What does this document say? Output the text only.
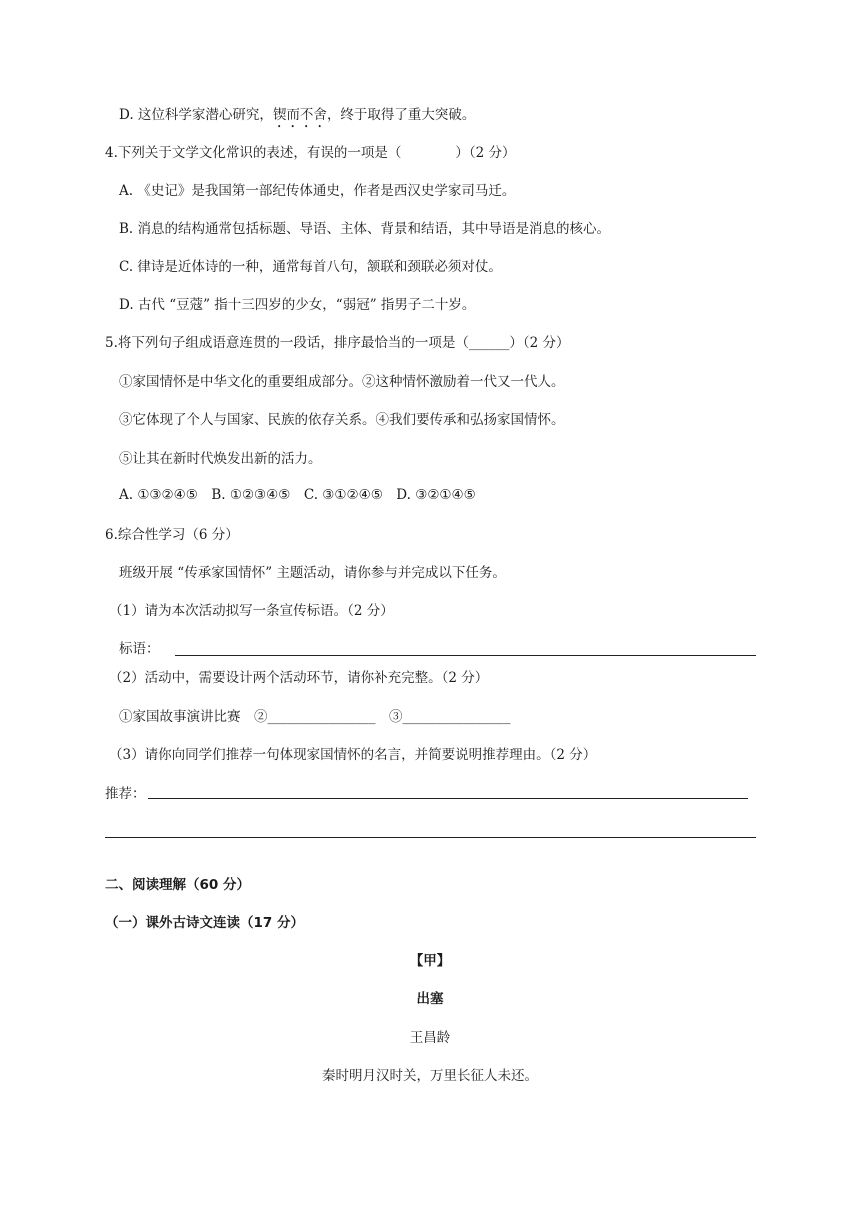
D. 这位科学家潜心研究，锲而不舍，终于取得了重大突破。
4.下列关于文学文化常识的表述，有误的一项是（　　　　）（2 分）
A. 《史记》是我国第一部纪传体通史，作者是西汉史学家司马迁。
B. 消息的结构通常包括标题、导语、主体、背景和结语，其中导语是消息的核心。
C. 律诗是近体诗的一种，通常每首八句，颔联和颈联必须对仗。
D. 古代 “豆蔻” 指十三四岁的少女，“弱冠” 指男子二十岁。
5.将下列句子组成语意连贯的一段话，排序最恰当的一项是（______）（2 分）
①家国情怀是中华文化的重要组成部分。②这种情怀激励着一代又一代人。
③它体现了个人与国家、民族的依存关系。④我们要传承和弘扬家国情怀。
⑤让其在新时代焕发出新的活力。
A. ①③②④⑤　B. ①②③④⑤　C. ③①②④⑤　D. ③②①④⑤
6.综合性学习（6 分）
班级开展 “传承家国情怀” 主题活动，请你参与并完成以下任务。
（1）请为本次活动拟写一条宣传标语。（2 分）
标语：
（2）活动中，需要设计两个活动环节，请你补充完整。（2 分）
①家国故事演讲比赛　②________________　③________________
（3）请你向同学们推荐一句体现家国情怀的名言，并简要说明推荐理由。（2 分）
推荐：
二、阅读理解（60 分）
（一）课外古诗文连读（17 分）
【甲】
出塞
王昌龄
秦时明月汉时关，万里长征人未还。
